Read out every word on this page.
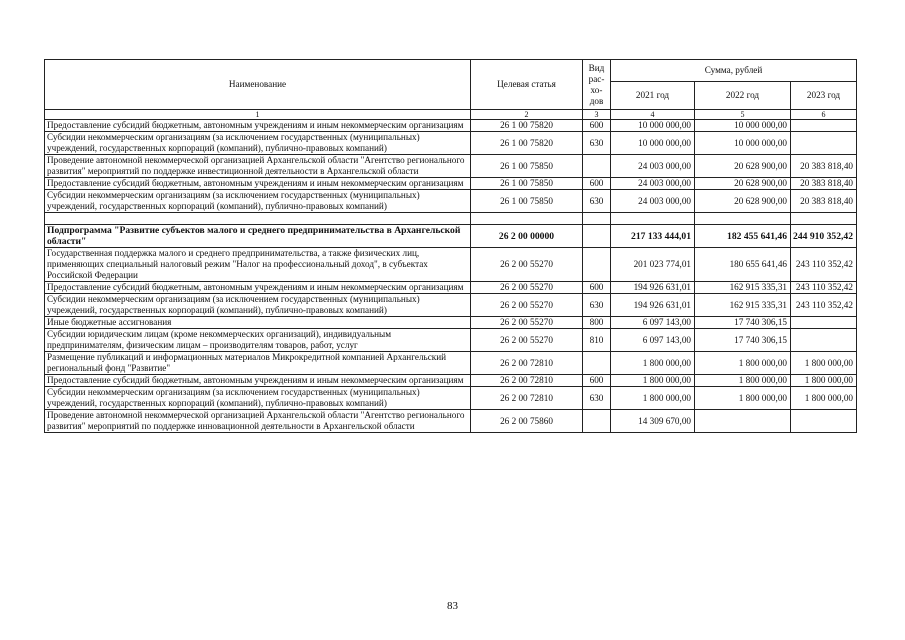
Наименование	Целевая статья	Вид рас-хо-дов	Сумма, рублей		
			2021 год	2022 год	2023 год
1	2	3	4	5	6
Предоставление субсидий бюджетным, автономным учреждениям и иным некоммерческим организациям	26 1 00 75820	600	10 000 000,00	10 000 000,00	
Субсидии некоммерческим организациям (за исключением государственных (муниципальных) учреждений, государственных корпораций (компаний), публично-правовых компаний)	26 1 00 75820	630	10 000 000,00	10 000 000,00	
Проведение автономной некоммерческой организацией Архангельской области "Агентство регионального развития" мероприятий по поддержке инвестиционной деятельности в Архангельской области	26 1 00 75850		24 003 000,00	20 628 900,00	20 383 818,40
Предоставление субсидий бюджетным, автономным учреждениям и иным некоммерческим организациям	26 1 00 75850	600	24 003 000,00	20 628 900,00	20 383 818,40
Субсидии некоммерческим организациям (за исключением государственных (муниципальных) учреждений, государственных корпораций (компаний), публично-правовых компаний)	26 1 00 75850	630	24 003 000,00	20 628 900,00	20 383 818,40

Подпрограмма "Развитие субъектов малого и среднего предпринимательства в Архангельской области"	26 2 00 00000		217 133 444,01	182 455 641,46	244 910 352,42
Государственная поддержка малого и среднего предпринимательства, а также физических лиц, применяющих специальный налоговый режим "Налог на профессиональный доход", в субъектах Российской Федерации	26 2 00 55270		201 023 774,01	180 655 641,46	243 110 352,42
Предоставление субсидий бюджетным, автономным учреждениям и иным некоммерческим организациям	26 2 00 55270	600	194 926 631,01	162 915 335,31	243 110 352,42
Субсидии некоммерческим организациям (за исключением государственных (муниципальных) учреждений, государственных корпораций (компаний), публично-правовых компаний)	26 2 00 55270	630	194 926 631,01	162 915 335,31	243 110 352,42
Иные бюджетные ассигнования	26 2 00 55270	800	6 097 143,00	17 740 306,15	
Субсидии юридическим лицам (кроме некоммерческих организаций), индивидуальным предпринимателям, физическим лицам – производителям товаров, работ, услуг	26 2 00 55270	810	6 097 143,00	17 740 306,15	
Размещение публикаций и информационных материалов Микрокредитной компанией Архангельский региональный фонд "Развитие"	26 2 00 72810		1 800 000,00	1 800 000,00	1 800 000,00
Предоставление субсидий бюджетным, автономным учреждениям и иным некоммерческим организациям	26 2 00 72810	600	1 800 000,00	1 800 000,00	1 800 000,00
Субсидии некоммерческим организациям (за исключением государственных (муниципальных) учреждений, государственных корпораций (компаний), публично-правовых компаний)	26 2 00 72810	630	1 800 000,00	1 800 000,00	1 800 000,00
Проведение автономной некоммерческой организацией Архангельской области "Агентство регионального развития" мероприятий по поддержке инновационной деятельности в Архангельской области	26 2 00 75860		14 309 670,00		
83
